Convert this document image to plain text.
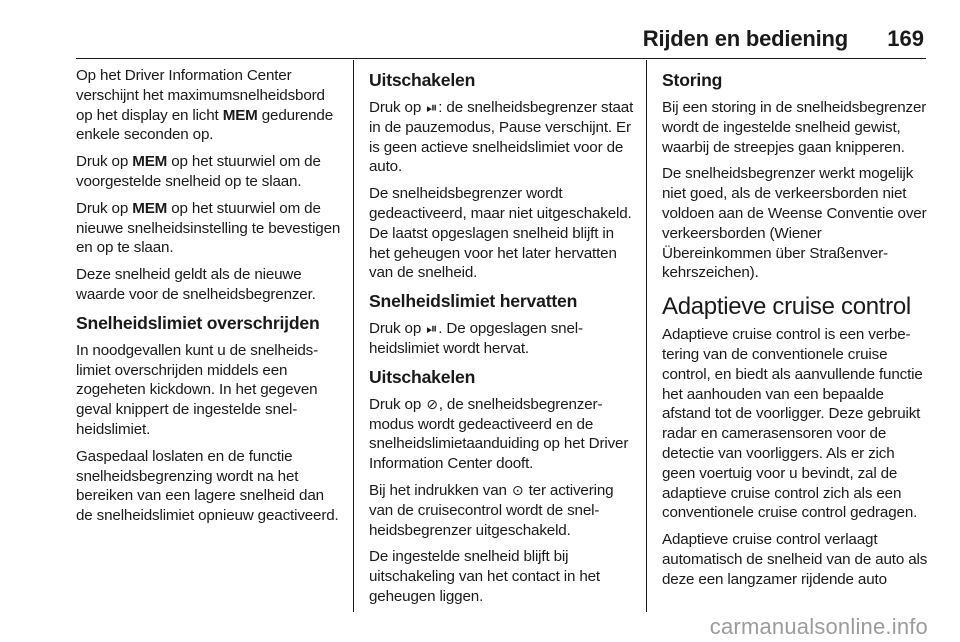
Rijden en bediening 169

Op het Driver Information Center verschijnt het maximumsnelheidsbord op het display en licht MEM gedurende enkele seconden op.

Druk op MEM op het stuurwiel om de voorgestelde snelheid op te slaan.

Druk op MEM op het stuurwiel om de nieuwe snelheidsinstelling te bevestigen en op te slaan.

Deze snelheid geldt als de nieuwe waarde voor de snelheidsbegrenzer.

Snelheidslimiet overschrijden

In noodgevallen kunt u de snelheidslimiet overschrijden middels een zogeheten kickdown. In het gegeven geval knippert de ingestelde snelheidslimiet.

Gaspedaal loslaten en de functie snelheidsbegrenzing wordt na het bereiken van een lagere snelheid dan de snelheidslimiet opnieuw geactiveerd.

Uitschakelen

Druk op ⏯: de snelheidsbegrenzer staat in de pauzemodus, Pause verschijnt. Er is geen actieve snelheidslimiet voor de auto.

De snelheidsbegrenzer wordt gedeactiveerd, maar niet uitgeschakeld. De laatst opgeslagen snelheid blijft in het geheugen voor het later hervatten van de snelheid.

Snelheidslimiet hervatten

Druk op ⏯. De opgeslagen snelheidslimiet wordt hervat.

Uitschakelen

Druk op ⊘, de snelheidsbegrenzermodus wordt gedeactiveerd en de snelheidslimietaanduiding op het Driver Information Center dooft.

Bij het indrukken van ⊙ ter activering van de cruisecontrol wordt de snelheidsbegrenzer uitgeschakeld.

De ingestelde snelheid blijft bij uitschakeling van het contact in het geheugen liggen.

Storing

Bij een storing in de snelheidsbegrenzer wordt de ingestelde snelheid gewist, waarbij de streepjes gaan knipperen.

De snelheidsbegrenzer werkt mogelijk niet goed, als de verkeersborden niet voldoen aan de Weense Conventie over verkeersborden (Wiener Übereinkommen über Straßenverkehrszeichen).

Adaptieve cruise control

Adaptieve cruise control is een verbetering van de conventionele cruise control, en biedt als aanvullende functie het aanhouden van een bepaalde afstand tot de voorligger. Deze gebruikt radar en camerasensoren voor de detectie van voorliggers. Als er zich geen voertuig voor u bevindt, zal de adaptieve cruise control zich als een conventionele cruise control gedragen.

Adaptieve cruise control verlaagt automatisch de snelheid van de auto als deze een langzamer rijdende auto

carmanualsonline.info
